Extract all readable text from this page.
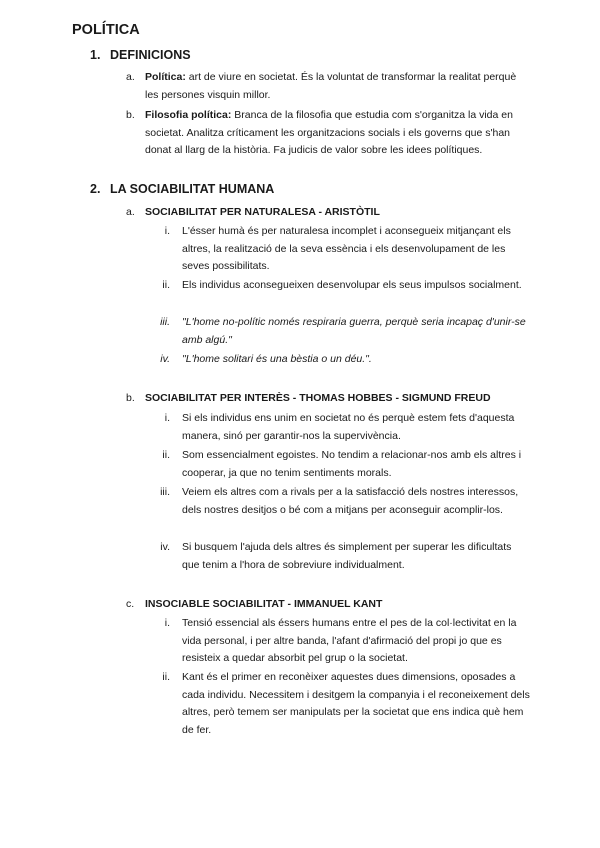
POLÍTICA
1. DEFINICIONS
a. Política: art de viure en societat. És la voluntat de transformar la realitat perquè les persones visquin millor.
b. Filosofia política: Branca de la filosofia que estudia com s'organitza la vida en societat. Analitza críticament les organitzacions socials i els governs que s'han donat al llarg de la història. Fa judicis de valor sobre les idees polítiques.
2. LA SOCIABILITAT HUMANA
a. SOCIABILITAT PER NATURALESA - ARISTÒTIL
i. L'ésser humà és per naturalesa incomplet i aconsegueix mitjançant els altres, la realització de la seva essència i els desenvolupament de les seves possibilitats.
ii. Els individus aconsegueixen desenvolupar els seus impulsos socialment.
iii. "L'home no-polític només respiraria guerra, perquè seria incapaç d'unir-se amb algú."
iv. "L'home solitari és una bèstia o un déu.".
b. SOCIABILITAT PER INTERÈS - THOMAS HOBBES - SIGMUND FREUD
i. Si els individus ens unim en societat no és perquè estem fets d'aquesta manera, sinó per garantir-nos la supervivència.
ii. Som essencialment egoistes. No tendim a relacionar-nos amb els altres i cooperar, ja que no tenim sentiments morals.
iii. Veiem els altres com a rivals per a la satisfacció dels nostres interessos, dels nostres desitjos o bé com a mitjans per aconseguir acomplir-los.
iv. Si busquem l'ajuda dels altres és simplement per superar les dificultats que tenim a l'hora de sobreviure individualment.
c. INSOCIABLE SOCIABILITAT - IMMANUEL KANT
i. Tensió essencial als éssers humans entre el pes de la col·lectivitat en la vida personal, i per altre banda, l'afant d'afirmació del propi jo que es resisteix a quedar absorbit pel grup o la societat.
ii. Kant és el primer en reconèixer aquestes dues dimensions, oposades a cada individu. Necessitem i desitgem la companyia i el reconeixement dels altres, però temem ser manipulats per la societat que ens indica què hem de fer.
